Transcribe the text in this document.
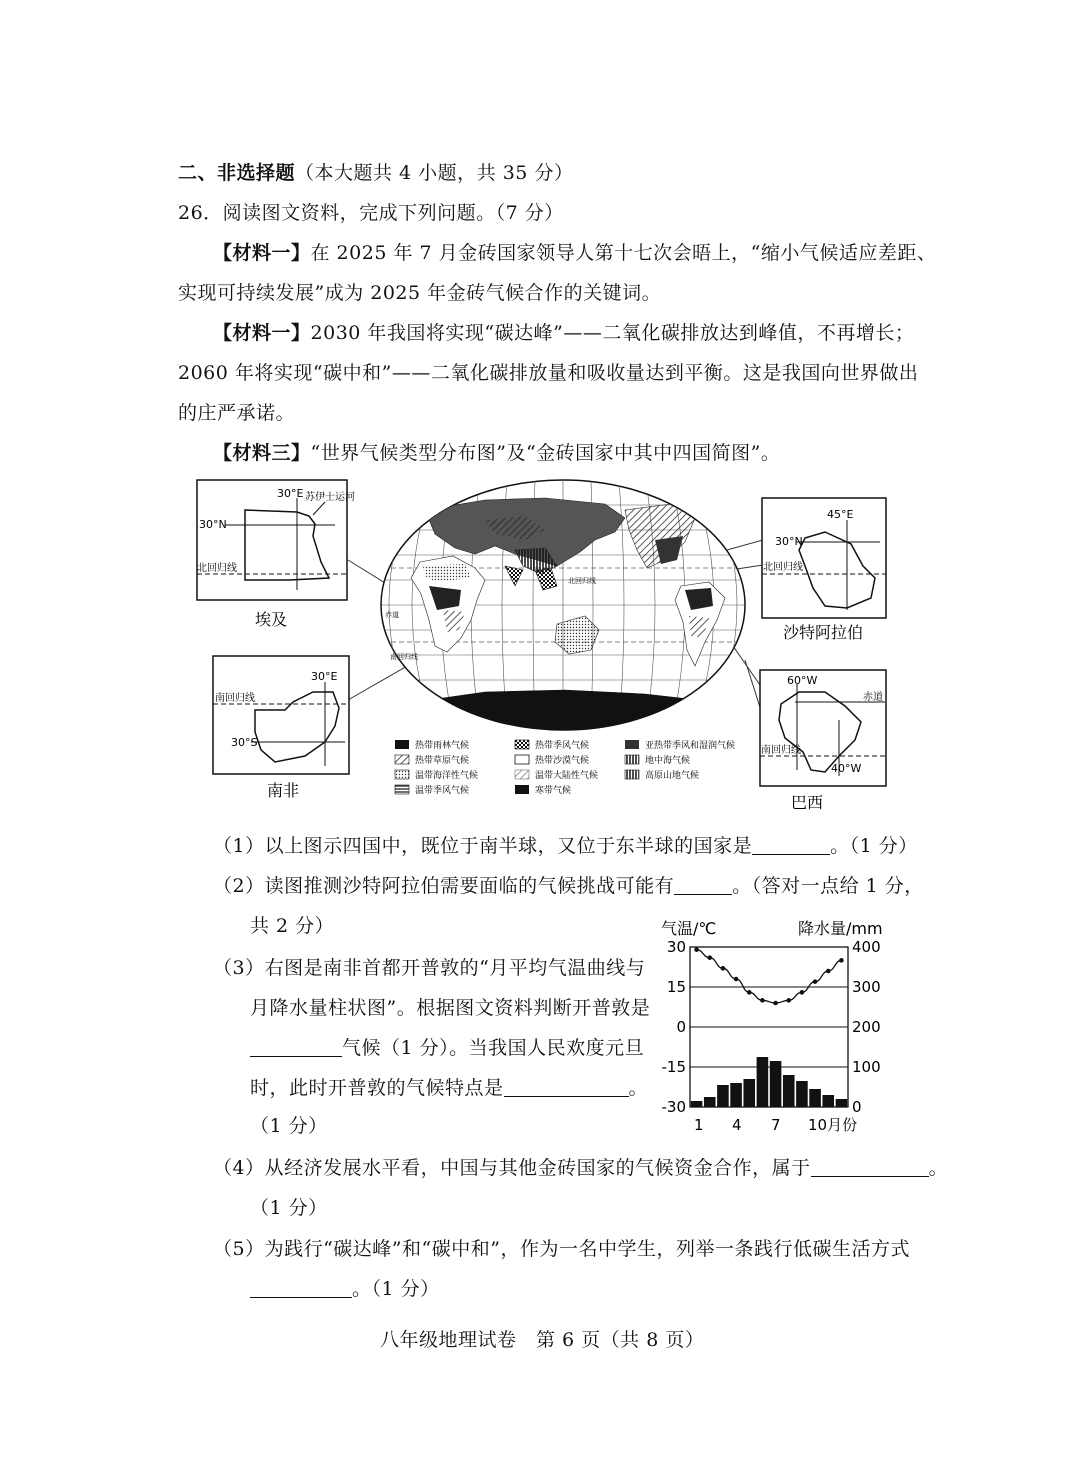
二、非选择题（本大题共 4 小题，共 35 分）
26．阅读图文资料，完成下列问题。（7 分）
【材料一】在 2025 年 7 月金砖国家领导人第十七次会晤上，“缩小气候适应差距、
实现可持续发展”成为 2025 年金砖气候合作的关键词。
【材料一】2030 年我国将实现“碳达峰”——二氧化碳排放达到峰值，不再增长；
2060 年将实现“碳中和”——二氧化碳排放量和吸收量达到平衡。这是我国向世界做出
的庄严承诺。
【材料三】“世界气候类型分布图”及“金砖国家中其中四国简图”。
30°E 苏伊士运河
30°N
北回归线
埃及
45°E
30°N
北回归线
沙特阿拉伯
30°E
南回归线
30°S
南非
60°W
赤道
南回归线
40°W
巴西
北回归线
赤道
南回归线
热带雨林气候	热带季风气候	亚热带季风和湿润气候
热带草原气候	热带沙漠气候	地中海气候
温带海洋性气候	温带大陆性气候	高原山地气候
温带季风气候	寒带气候
（1）以上图示四国中，既位于南半球，又位于东半球的国家是	。（1 分）
（2）读图推测沙特阿拉伯需要面临的气候挑战可能有	。（答对一点给 1 分，
共 2 分）
（3）右图是南非首都开普敦的“月平均气温曲线与
月降水量柱状图”。根据图文资料判断开普敦是
气候（1 分）。当我国人民欢度元旦
时，此时开普敦的气候特点是	。
（1 分）
气温/℃	降水量/mm
30
15
0
-15
-30
400
300
200
100
0
1 4 7 10月份
（4）从经济发展水平看，中国与其他金砖国家的气候资金合作，属于	。
（1 分）
（5）为践行“碳达峰”和“碳中和”，作为一名中学生，列举一条践行低碳生活方式
。（1 分）
八年级地理试卷　第 6 页（共 8 页）
